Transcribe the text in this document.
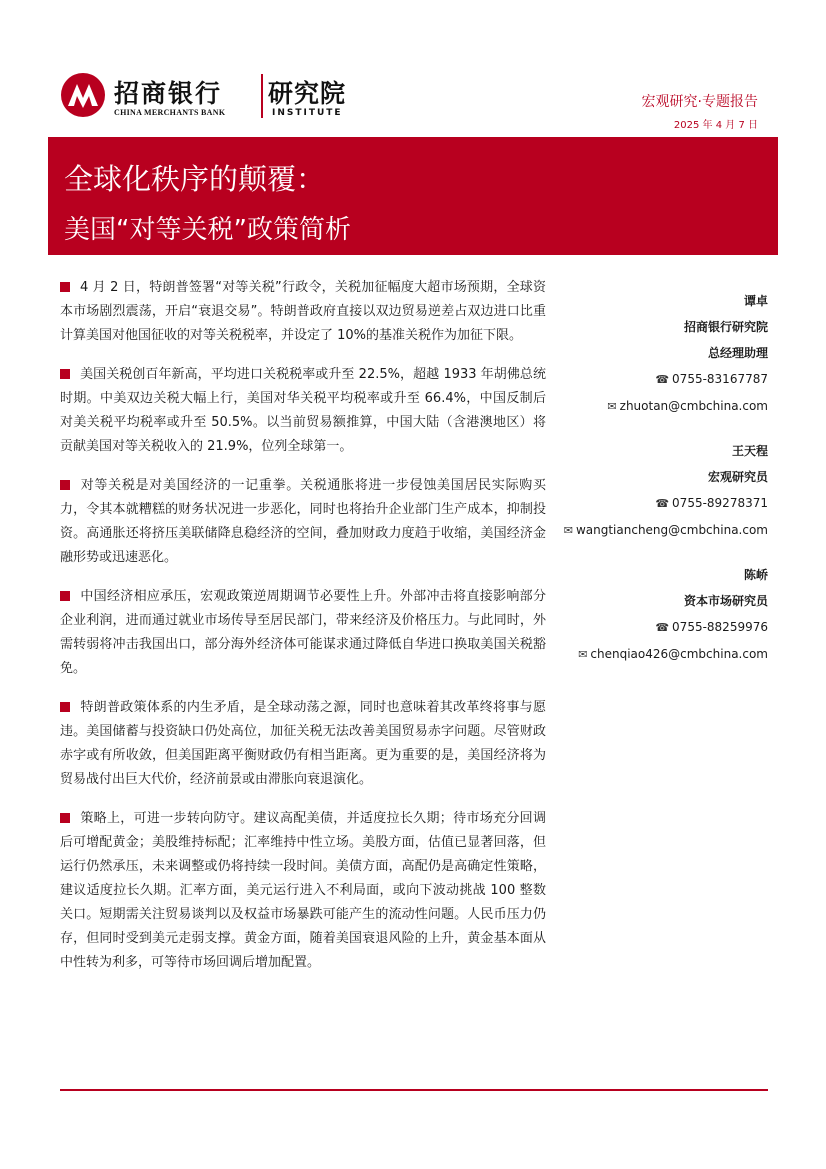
招商银行
CHINA MERCHANTS BANK
研究院
INSTITUTE
宏观研究·专题报告
2025 年 4 月 7 日
全球化秩序的颠覆：
美国“对等关税”政策简析

4 月 2 日，特朗普签署“对等关税”行政令，关税加征幅度大超市场预期，全球资本市场剧烈震荡，开启“衰退交易”。特朗普政府直接以双边贸易逆差占双边进口比重计算美国对他国征收的对等关税税率，并设定了 10%的基准关税作为加征下限。

美国关税创百年新高，平均进口关税税率或升至 22.5%，超越 1933 年胡佛总统时期。中美双边关税大幅上行，美国对华关税平均税率或升至 66.4%，中国反制后对美关税平均税率或升至 50.5%。以当前贸易额推算，中国大陆（含港澳地区）将贡献美国对等关税收入的 21.9%，位列全球第一。

对等关税是对美国经济的一记重拳。关税通胀将进一步侵蚀美国居民实际购买力，令其本就糟糕的财务状况进一步恶化，同时也将抬升企业部门生产成本，抑制投资。高通胀还将挤压美联储降息稳经济的空间，叠加财政力度趋于收缩，美国经济金融形势或迅速恶化。

中国经济相应承压，宏观政策逆周期调节必要性上升。外部冲击将直接影响部分企业利润，进而通过就业市场传导至居民部门，带来经济及价格压力。与此同时，外需转弱将冲击我国出口，部分海外经济体可能谋求通过降低自华进口换取美国关税豁免。

特朗普政策体系的内生矛盾，是全球动荡之源，同时也意味着其改革终将事与愿违。美国储蓄与投资缺口仍处高位，加征关税无法改善美国贸易赤字问题。尽管财政赤字或有所收敛，但美国距离平衡财政仍有相当距离。更为重要的是，美国经济将为贸易战付出巨大代价，经济前景或由滞胀向衰退演化。

策略上，可进一步转向防守。建议高配美债，并适度拉长久期；待市场充分回调后可增配黄金；美股维持标配；汇率维持中性立场。美股方面，估值已显著回落，但运行仍然承压，未来调整或仍将持续一段时间。美债方面，高配仍是高确定性策略，建议适度拉长久期。汇率方面，美元运行进入不利局面，或向下波动挑战 100 整数关口。短期需关注贸易谈判以及权益市场暴跌可能产生的流动性问题。人民币压力仍存，但同时受到美元走弱支撑。黄金方面，随着美国衰退风险的上升，黄金基本面从中性转为利多，可等待市场回调后增加配置。

谭卓
招商银行研究院
总经理助理
☎ 0755-83167787
✉ zhuotan@cmbchina.com
王天程
宏观研究员
☎ 0755-89278371
✉ wangtiancheng@cmbchina.com
陈峤
资本市场研究员
☎ 0755-88259976
✉ chenqiao426@cmbchina.com
